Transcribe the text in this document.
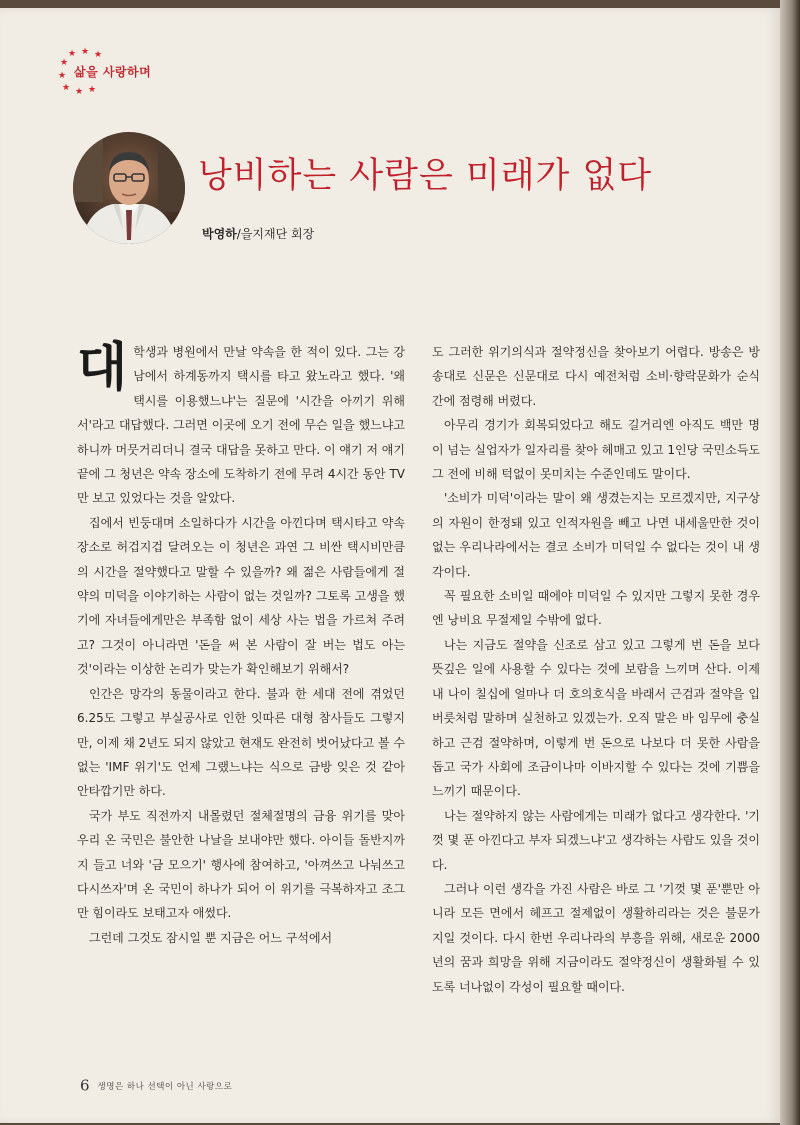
★ ★ ★
★
★
★ ★ ★
삶을 사랑하며
낭비하는 사람은 미래가 없다
박영하/을지재단 회장

대학생과 병원에서 만날 약속을 한 적이 있다. 그는 강남에서 하계동까지 택시를 타고 왔노라고 했다. '왜 택시를 이용했느냐'는 질문에 '시간을 아끼기 위해서'라고 대답했다. 그러면 이곳에 오기 전에 무슨 일을 했느냐고 하니까 머뭇거리더니 결국 대답을 못하고 만다. 이 얘기 저 얘기 끝에 그 청년은 약속 장소에 도착하기 전에 무려 4시간 동안 TV만 보고 있었다는 것을 알았다.

집에서 빈둥대며 소일하다가 시간을 아낀다며 택시타고 약속 장소로 허겁지겁 달려오는 이 청년은 과연 그 비싼 택시비만큼의 시간을 절약했다고 말할 수 있을까? 왜 젊은 사람들에게 절약의 미덕을 이야기하는 사람이 없는 것일까? 그토록 고생을 했기에 자녀들에게만은 부족함 없이 세상 사는 법을 가르쳐 주려고? 그것이 아니라면 '돈을 써 본 사람이 잘 버는 법도 아는 것'이라는 이상한 논리가 맞는가 확인해보기 위해서?

인간은 망각의 동물이라고 한다. 불과 한 세대 전에 겪었던 6.25도 그렇고 부실공사로 인한 잇따른 대형 참사들도 그렇지만, 이제 채 2년도 되지 않았고 현재도 완전히 벗어났다고 볼 수 없는 'IMF 위기'도 언제 그랬느냐는 식으로 금방 잊은 것 같아 안타깝기만 하다.

국가 부도 직전까지 내몰렸던 절체절명의 금융 위기를 맞아 우리 온 국민은 불안한 나날을 보내야만 했다. 아이들 돌반지까지 들고 너와 '금 모으기' 행사에 참여하고, '아껴쓰고 나눠쓰고 다시쓰자'며 온 국민이 하나가 되어 이 위기를 극복하자고 조그만 힘이라도 보태고자 애썼다.

그런데 그것도 잠시일 뿐 지금은 어느 구석에서

도 그러한 위기의식과 절약정신을 찾아보기 어렵다. 방송은 방송대로 신문은 신문대로 다시 예전처럼 소비·향락문화가 순식간에 점령해 버렸다.

아무리 경기가 회복되었다고 해도 길거리엔 아직도 백만 명이 넘는 실업자가 일자리를 찾아 헤매고 있고 1인당 국민소득도 그 전에 비해 턱없이 못미치는 수준인데도 말이다.

'소비가 미덕'이라는 말이 왜 생겼는지는 모르겠지만, 지구상의 자원이 한정돼 있고 인적자원을 빼고 나면 내세울만한 것이 없는 우리나라에서는 결코 소비가 미덕일 수 없다는 것이 내 생각이다.

꼭 필요한 소비일 때에야 미덕일 수 있지만 그렇지 못한 경우엔 낭비요 무절제일 수밖에 없다.

나는 지금도 절약을 신조로 삼고 있고 그렇게 번 돈을 보다 뜻깊은 일에 사용할 수 있다는 것에 보람을 느끼며 산다. 이제 내 나이 칠십에 얼마나 더 호의호식을 바래서 근검과 절약을 입버릇처럼 말하며 실천하고 있겠는가. 오직 말은 바 임무에 충실하고 근검 절약하며, 이렇게 번 돈으로 나보다 더 못한 사람을 돕고 국가 사회에 조금이나마 이바지할 수 있다는 것에 기쁨을 느끼기 때문이다.

나는 절약하지 않는 사람에게는 미래가 없다고 생각한다. '기껏 몇 푼 아낀다고 부자 되겠느냐'고 생각하는 사람도 있을 것이다.

그러나 이런 생각을 가진 사람은 바로 그 '기껏 몇 푼'뿐만 아니라 모든 면에서 헤프고 절제없이 생활하리라는 것은 불문가지일 것이다. 다시 한번 우리나라의 부흥을 위해, 새로운 2000년의 꿈과 희망을 위해 지금이라도 절약정신이 생활화될 수 있도록 너나없이 각성이 필요할 때이다.

6 생명은 하나 선택이 아닌 사랑으로
